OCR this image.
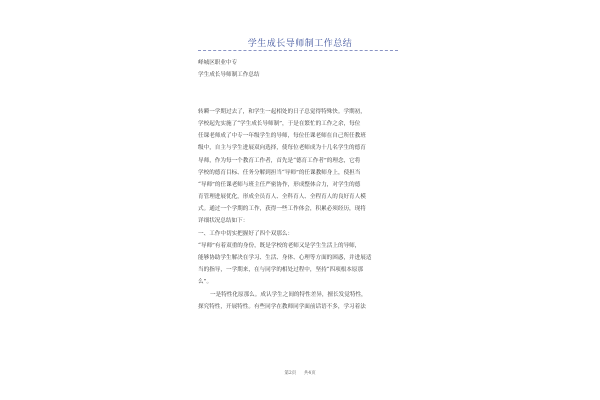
学生成长导师制工作总结
峄城区职业中专
学生成长导师制工作总结
转瞬一学期过去了，和学生一起相处的日子总觉得特殊快。学期初，
学校起先实施了“学生成长导师制”，于是在繁忙的工作之余，每位
任课老师成了中专一年级学生的导师，每位任课老师在自己所任教班
级中，自主与学生进展双向选择，使每位老师成为十几名学生的德育
导师，作为每一个教育工作者，首先是“德育工作者”的理念，它将
学校的德育目标、任务分解到担当“导师”的任课教师身上，使担当
“导师”的任课老师与班主任严密协作，形成整体合力，对学生的德
育管理进展优化，形成全员育人、全科育人、全程育人的良好育人模
式。通过一个学期的工作，获得一些工作体会，积累必须经历，现将
详细状况总结如下：
一、工作中切实把握好了四个双那么：
“导师”有着双重的身份，既是学校的老师又是学生生活上的导师，
能够协助学生解决在学习、生活、身体、心理等方面的困惑，并进展适
当的指导，一学期来，在与同学的相处过程中，坚持“四项根本原那
么”。
一是特性化原那么。成认学生之间的特性差异，擅长发觉特性，
探究特性，开展特性。有些同学在教师同学面前话语不多，学习着法
第2页 共4页
